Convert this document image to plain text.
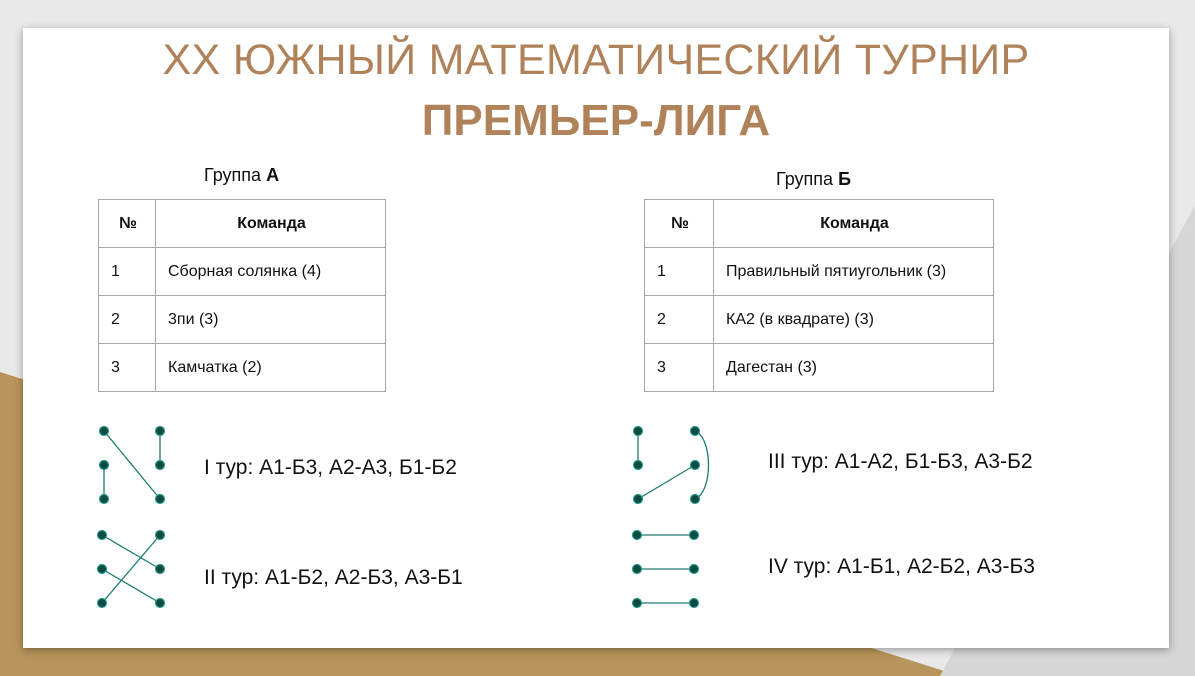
XX ЮЖНЫЙ МАТЕМАТИЧЕСКИЙ ТУРНИР
ПРЕМЬЕР-ЛИГА
Группа А
№	Команда
1	Сборная солянка (4)
2	3пи (3)
3	Камчатка (2)
Группа Б
№	Команда
1	Правильный пятиугольник (3)
2	КА2 (в квадрате) (3)
3	Дагестан (3)
I тур: А1-Б3, А2-А3, Б1-Б2
II тур: А1-Б2, А2-Б3, А3-Б1
III тур: А1-А2, Б1-Б3, А3-Б2
IV тур: А1-Б1, А2-Б2, А3-Б3
